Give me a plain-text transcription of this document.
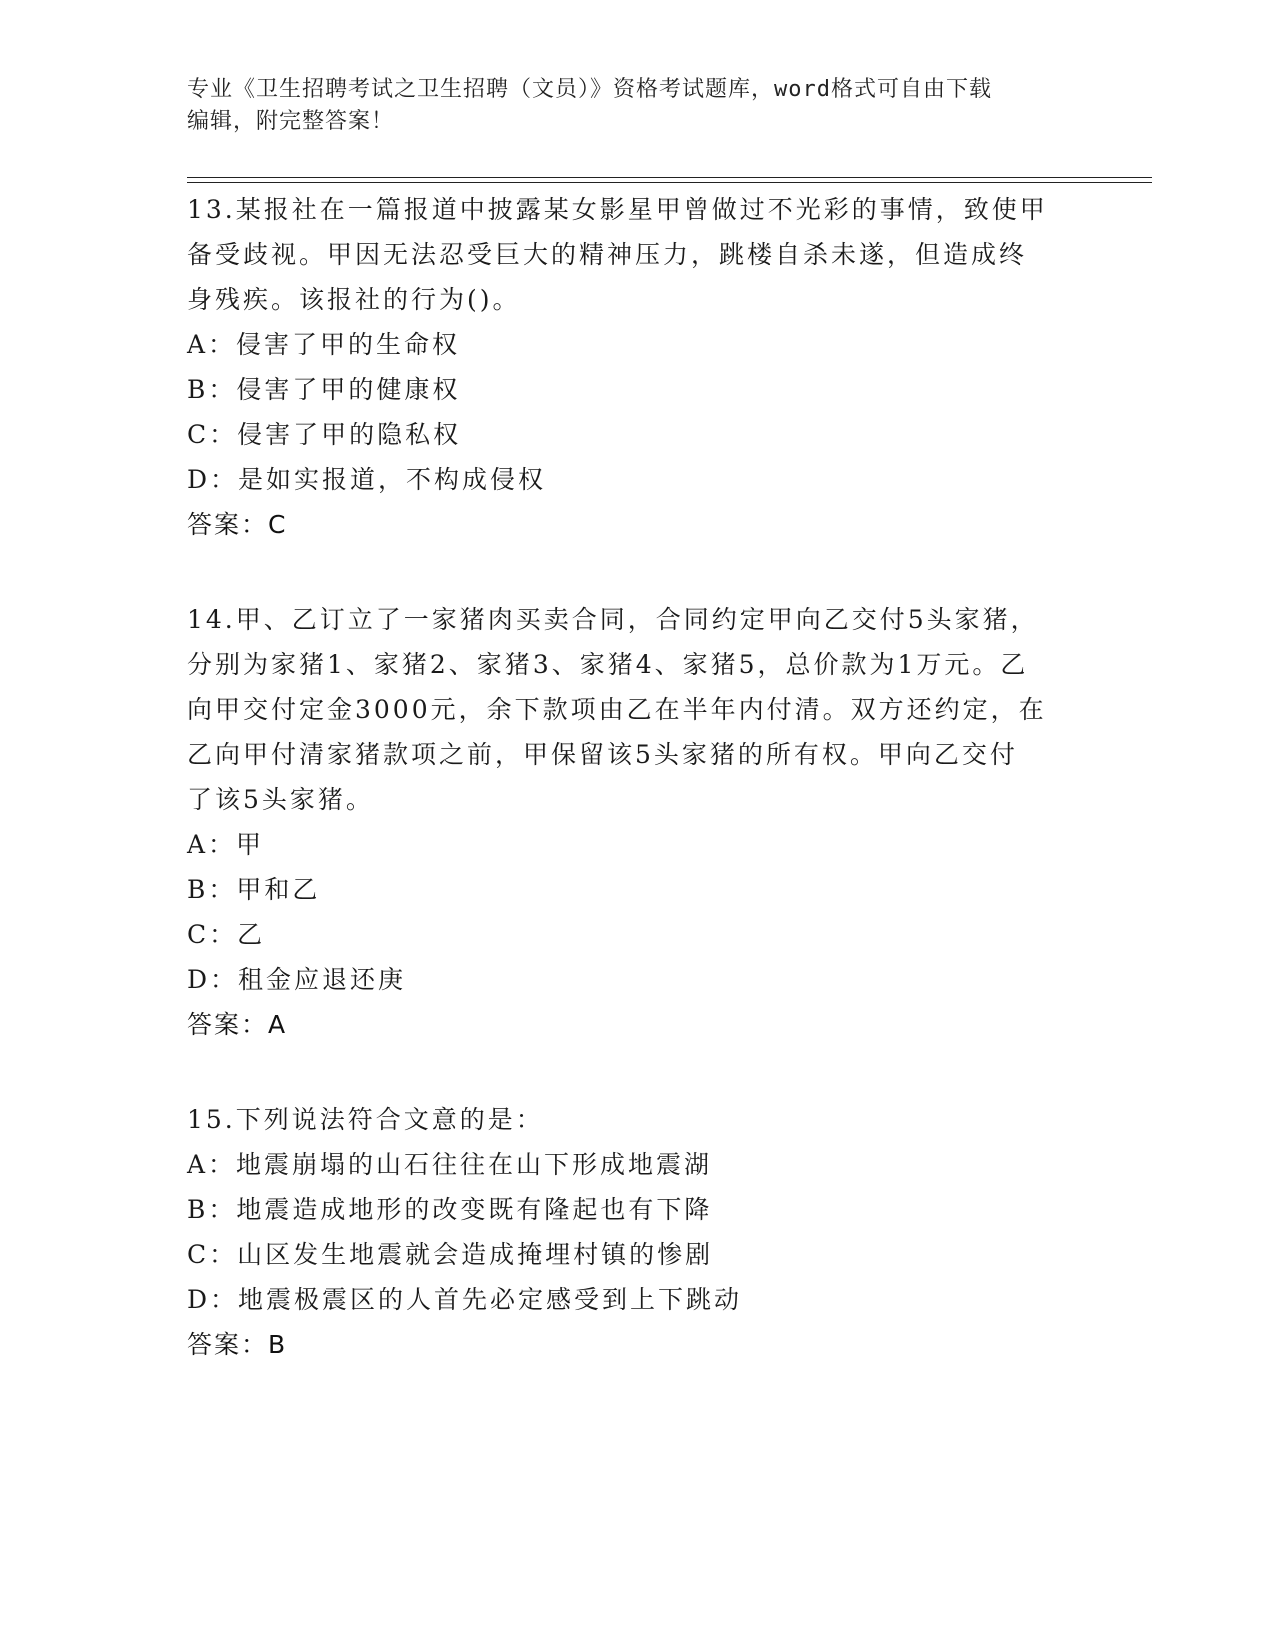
专业《卫生招聘考试之卫生招聘（文员）》资格考试题库，word格式可自由下载
编辑，附完整答案！
13.某报社在一篇报道中披露某女影星甲曾做过不光彩的事情，致使甲
备受歧视。甲因无法忍受巨大的精神压力，跳楼自杀未遂，但造成终
身残疾。该报社的行为()。
A：侵害了甲的生命权
B：侵害了甲的健康权
C：侵害了甲的隐私权
D：是如实报道，不构成侵权
答案：C
14.甲、乙订立了一家猪肉买卖合同，合同约定甲向乙交付5头家猪，
分别为家猪1、家猪2、家猪3、家猪4、家猪5，总价款为1万元。乙
向甲交付定金3000元，余下款项由乙在半年内付清。双方还约定，在
乙向甲付清家猪款项之前，甲保留该5头家猪的所有权。甲向乙交付
了该5头家猪。
A：甲
B：甲和乙
C：乙
D：租金应退还庚
答案：A
15.下列说法符合文意的是：
A：地震崩塌的山石往往在山下形成地震湖
B：地震造成地形的改变既有隆起也有下降
C：山区发生地震就会造成掩埋村镇的惨剧
D：地震极震区的人首先必定感受到上下跳动
答案：B
